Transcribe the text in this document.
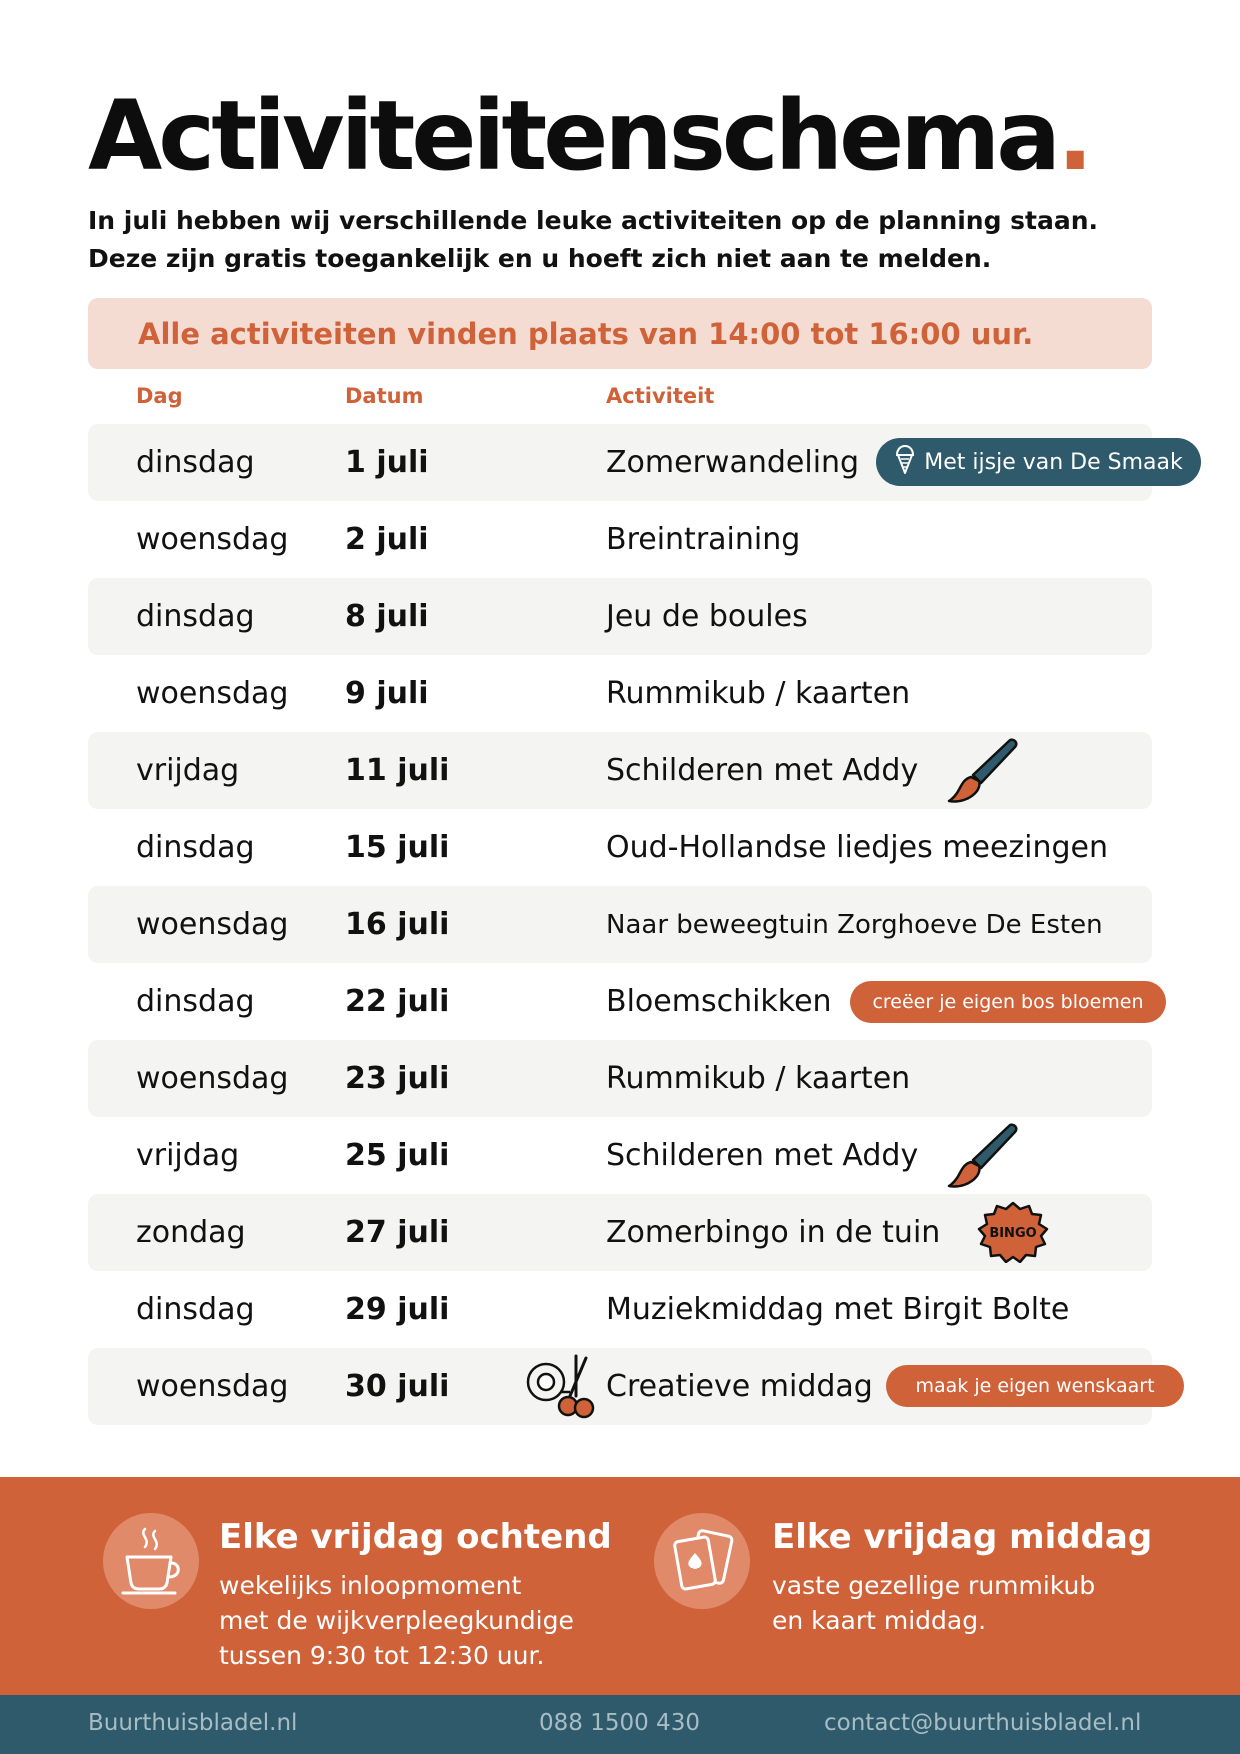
Activiteitenschema.

In juli hebben wij verschillende leuke activiteiten op de planning staan.

Deze zijn gratis toegankelijk en u hoeft zich niet aan te melden.

Alle activiteiten vinden plaats van 14:00 tot 16:00 uur.
Dag	Datum	Activiteit
dinsdag	1 juli	Zomerwandeling	Met ijsje van De Smaak
woensdag 2 juli	Breintraining
dinsdag	8 juli	Jeu de boules
woensdag 9 juli	Rummikub / kaarten
vrijdag	11 juli	Schilderen met Addy
dinsdag	15 juli	Oud-Hollandse liedjes meezingen
woensdag 16 juli	Naar beweegtuin Zorghoeve De Esten
dinsdag	22 juli	Bloemschikken creëer je eigen bos bloemen
woensdag 23 juli	Rummikub / kaarten
vrijdag	25 juli	Schilderen met Addy
zondag	27 juli	Zomerbingo in de tuin	BINGO
dinsdag	29 juli	Muziekmiddag met Birgit Bolte
woensdag 30 juli	Creatieve middag maak je eigen wenskaart
Elke vrijdag ochtend
wekelijks inloopmoment
met de wijkverpleegkundige
tussen 9:30 tot 12:30 uur.
Elke vrijdag middag
vaste gezellige rummikub
en kaart middag.
Buurthuisbladel.nl	088 1500 430	contact@buurthuisbladel.nl
